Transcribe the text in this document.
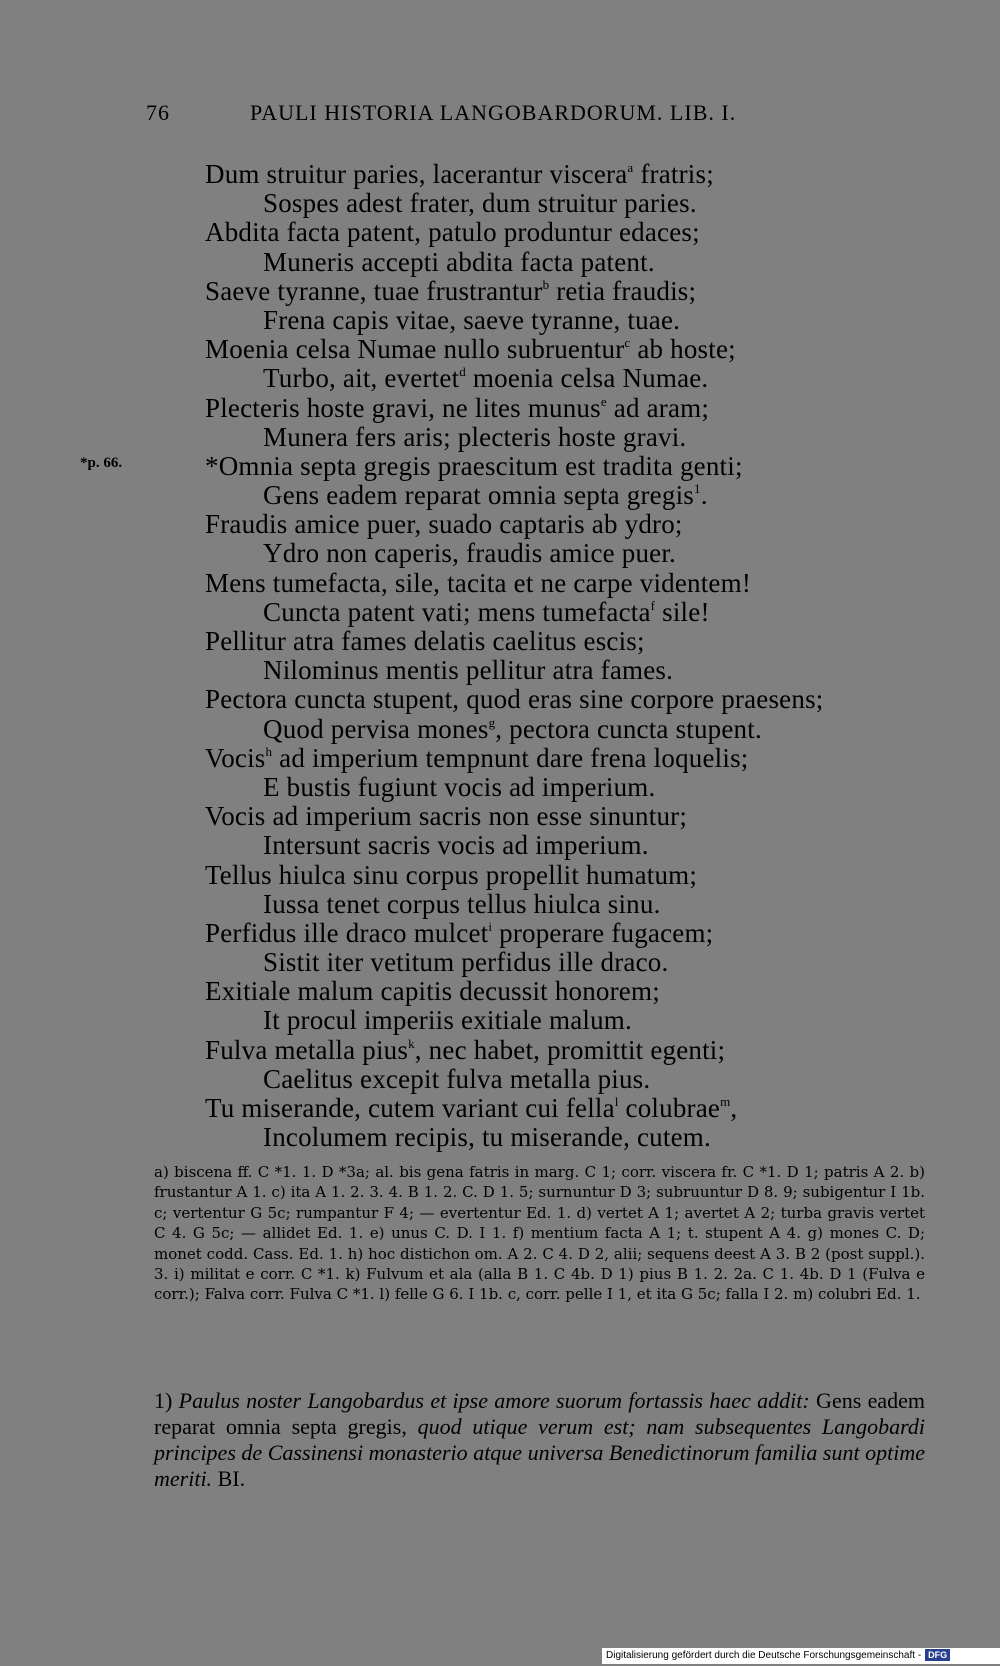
76	PAULI HISTORIA LANGOBARDORUM. LIB. I.
*p. 66.
Dum struitur paries, lacerantur viscera$^a$ fratris;
Sospes adest frater, dum struitur paries.
Abdita facta patent, patulo produntur edaces;
Muneris accepti abdita facta patent.
Saeve tyranne, tuae frustrantur$^b$ retia fraudis;
Frena capis vitae, saeve tyranne, tuae.
Moenia celsa Numae nullo subruentur$^c$ ab hoste;
Turbo, ait, evertet$^d$ moenia celsa Numae.
Plecteris hoste gravi, ne lites munus$^e$ ad aram;
Munera fers aris; plecteris hoste gravi.
*Omnia septa gregis praescitum est tradita genti;
Gens eadem reparat omnia septa gregis$^1$.
Fraudis amice puer, suado captaris ab ydro;
Ydro non caperis, fraudis amice puer.
Mens tumefacta, sile, tacita et ne carpe videntem!
Cuncta patent vati; mens tumefacta$^f$ sile!
Pellitur atra fames delatis caelitus escis;
Nilominus mentis pellitur atra fames.
Pectora cuncta stupent, quod eras sine corpore praesens;
Quod pervisa mones$^g$, pectora cuncta stupent.
Vocis$^h$ ad imperium tempnunt dare frena loquelis;
E bustis fugiunt vocis ad imperium.
Vocis ad imperium sacris non esse sinuntur;
Intersunt sacris vocis ad imperium.
Tellus hiulca sinu corpus propellit humatum;
Iussa tenet corpus tellus hiulca sinu.
Perfidus ille draco mulcet$^i$ properare fugacem;
Sistit iter vetitum perfidus ille draco.
Exitiale malum capitis decussit honorem;
It procul imperiis exitiale malum.
Fulva metalla pius$^k$, nec habet, promittit egenti;
Caelitus excepit fulva metalla pius.
Tu miserande, cutem variant cui fella$^l$ colubrae$^m$,
Incolumem recipis, tu miserande, cutem.
a) biscena ff. C *1. 1. D *3a; al. bis gena fatris in marg. C 1; corr. viscera fr. C *1. D 1; patris A 2. b) frustantur A 1. c) ita A 1. 2. 3. 4. B 1. 2. C. D 1. 5; surnuntur D 3; subruuntur D 8. 9; subigentur I 1b. c; vertentur G 5c; rumpantur F 4; — evertentur Ed. 1. d) vertet A 1; avertet A 2; turba gravis vertet C 4. G 5c; — allidet Ed. 1. e) unus C. D. I 1. f) mentium facta A 1; t. stupent A 4. g) mones C. D; monet codd. Cass. Ed. 1. h) hoc distichon om. A 2. C 4. D 2, alii; sequens deest A 3. B 2 (post suppl.). 3. i) militat e corr. C *1. k) Fulvum et ala (alla B 1. C 4b. D 1) pius B 1. 2. 2a. C 1. 4b. D 1 (Fulva e corr.); Falva corr. Fulva C *1. l) felle G 6. I 1b. c, corr. pelle I 1, et ita G 5c; falla I 2. m) colubri Ed. 1.
1) Paulus noster Langobardus et ipse amore suorum fortassis haec addit: Gens eadem reparat omnia septa gregis, quod utique verum est; nam subsequentes Langobardi principes de Cassinensi monasterio atque universa Benedictinorum familia sunt optime meriti. BI.
Digitalisierung gefördert durch die Deutsche Forschungsgemeinschaft - DFG
